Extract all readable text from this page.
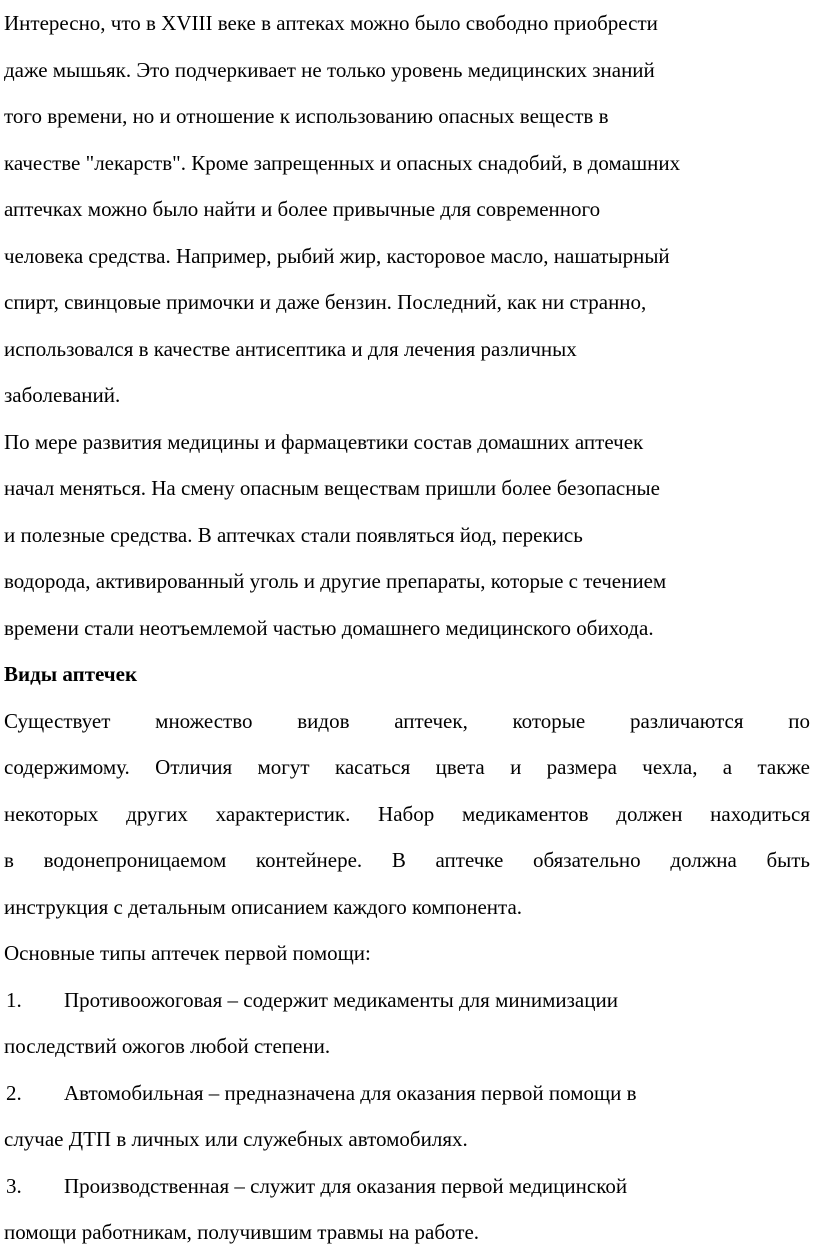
Интересно, что в XVIII веке в аптеках можно было свободно приобрести
даже мышьяк. Это подчеркивает не только уровень медицинских знаний
того времени, но и отношение к использованию опасных веществ в
качестве "лекарств". Кроме запрещенных и опасных снадобий, в домашних
аптечках можно было найти и более привычные для современного
человека средства. Например, рыбий жир, касторовое масло, нашатырный
спирт, свинцовые примочки и даже бензин. Последний, как ни странно,
использовался в качестве антисептика и для лечения различных
заболеваний.
По мере развития медицины и фармацевтики состав домашних аптечек
начал меняться. На смену опасным веществам пришли более безопасные
и полезные средства. В аптечках стали появляться йод, перекись
водорода, активированный уголь и другие препараты, которые с течением
времени стали неотъемлемой частью домашнего медицинского обихода.
Виды аптечек
Существует множество видов аптечек, которые различаются по
содержимому. Отличия могут касаться цвета и размера чехла, а также
некоторых других характеристик. Набор медикаментов должен находиться
в водонепроницаемом контейнере. В аптечке обязательно должна быть
инструкция с детальным описанием каждого компонента.
Основные типы аптечек первой помощи:
1. Противоожоговая – содержит медикаменты для минимизации
последствий ожогов любой степени.
2. Автомобильная – предназначена для оказания первой помощи в
случае ДТП в личных или служебных автомобилях.
3. Производственная – служит для оказания первой медицинской
помощи работникам, получившим травмы на работе.
